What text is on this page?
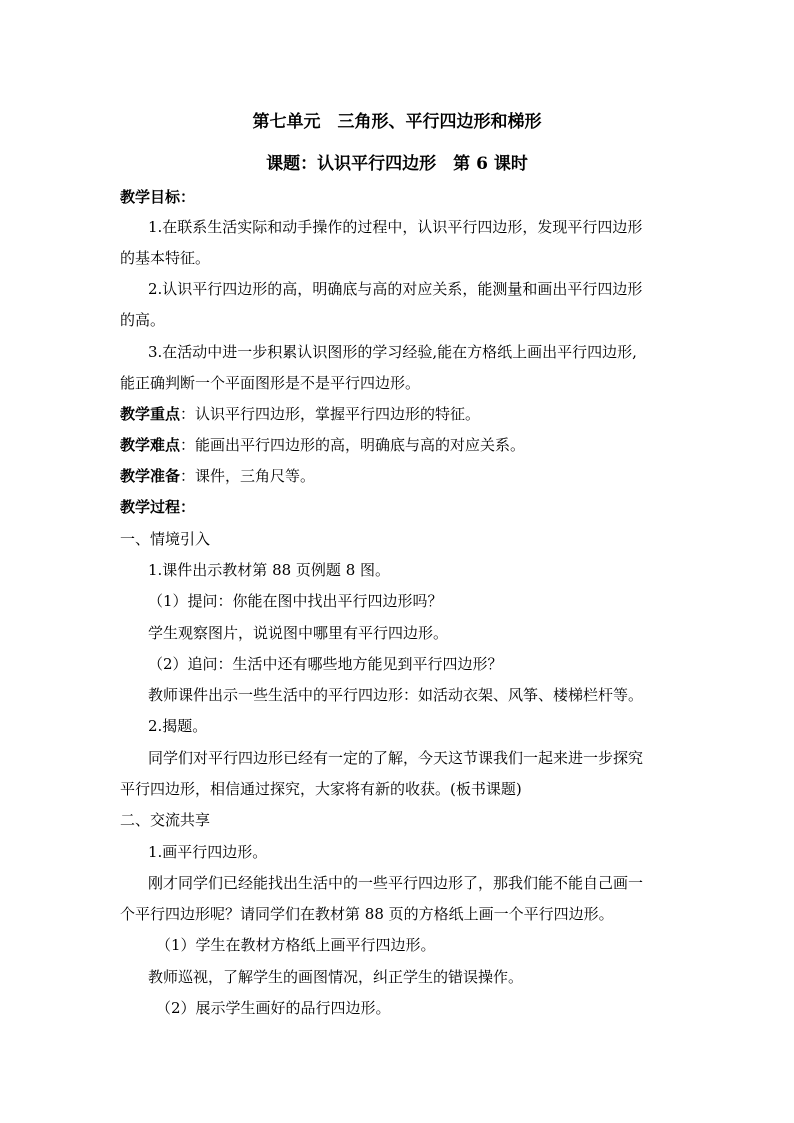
第七单元　三角形、平行四边形和梯形
课题：认识平行四边形　第 6 课时
教学目标：
1.在联系生活实际和动手操作的过程中，认识平行四边形，发现平行四边形
的基本特征。
2.认识平行四边形的高，明确底与高的对应关系，能测量和画出平行四边形
的高。
3.在活动中进一步积累认识图形的学习经验,能在方格纸上画出平行四边形,
能正确判断一个平面图形是不是平行四边形。
教学重点：认识平行四边形，掌握平行四边形的特征。
教学难点：能画出平行四边形的高，明确底与高的对应关系。
教学准备：课件，三角尺等。
教学过程：
一、情境引入
1.课件出示教材第 88 页例题 8 图。
（1）提问：你能在图中找出平行四边形吗？
学生观察图片，说说图中哪里有平行四边形。
（2）追问：生活中还有哪些地方能见到平行四边形？
教师课件出示一些生活中的平行四边形：如活动衣架、风筝、楼梯栏杆等。
2.揭题。
同学们对平行四边形已经有一定的了解，今天这节课我们一起来进一步探究
平行四边形，相信通过探究，大家将有新的收获。(板书课题)
二、交流共享
1.画平行四边形。
刚才同学们已经能找出生活中的一些平行四边形了，那我们能不能自己画一
个平行四边形呢？请同学们在教材第 88 页的方格纸上画一个平行四边形。
（1）学生在教材方格纸上画平行四边形。
教师巡视，了解学生的画图情况，纠正学生的错误操作。
（2）展示学生画好的品行四边形。
